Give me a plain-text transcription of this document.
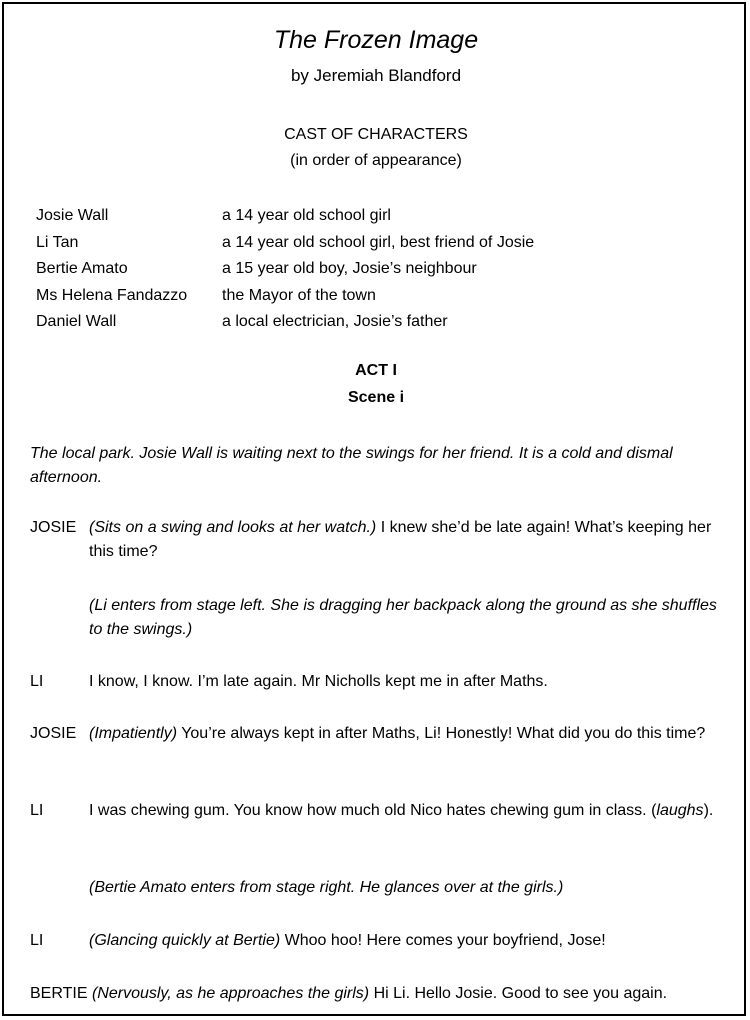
The Frozen Image
by Jeremiah Blandford
CAST OF CHARACTERS
(in order of appearance)
Josie Wall	a 14 year old school girl
Li Tan	a 14 year old school girl, best friend of Josie
Bertie Amato	a 15 year old boy, Josie’s neighbour
Ms Helena Fandazzo	the Mayor of the town
Daniel Wall	a local electrician, Josie’s father
ACT I
Scene i
The local park. Josie Wall is waiting next to the swings for her friend. It is a cold and dismal afternoon.
JOSIE (Sits on a swing and looks at her watch.) I knew she’d be late again! What’s keeping her this time?
(Li enters from stage left. She is dragging her backpack along the ground as she shuffles to the swings.)
LI	I know, I know. I’m late again. Mr Nicholls kept me in after Maths.
JOSIE (Impatiently) You’re always kept in after Maths, Li! Honestly! What did you do this time?
LI	I was chewing gum. You know how much old Nico hates chewing gum in class. (laughs).
(Bertie Amato enters from stage right. He glances over at the girls.)
LI	(Glancing quickly at Bertie) Whoo hoo! Here comes your boyfriend, Jose!
BERTIE (Nervously, as he approaches the girls) Hi Li. Hello Josie. Good to see you again.
